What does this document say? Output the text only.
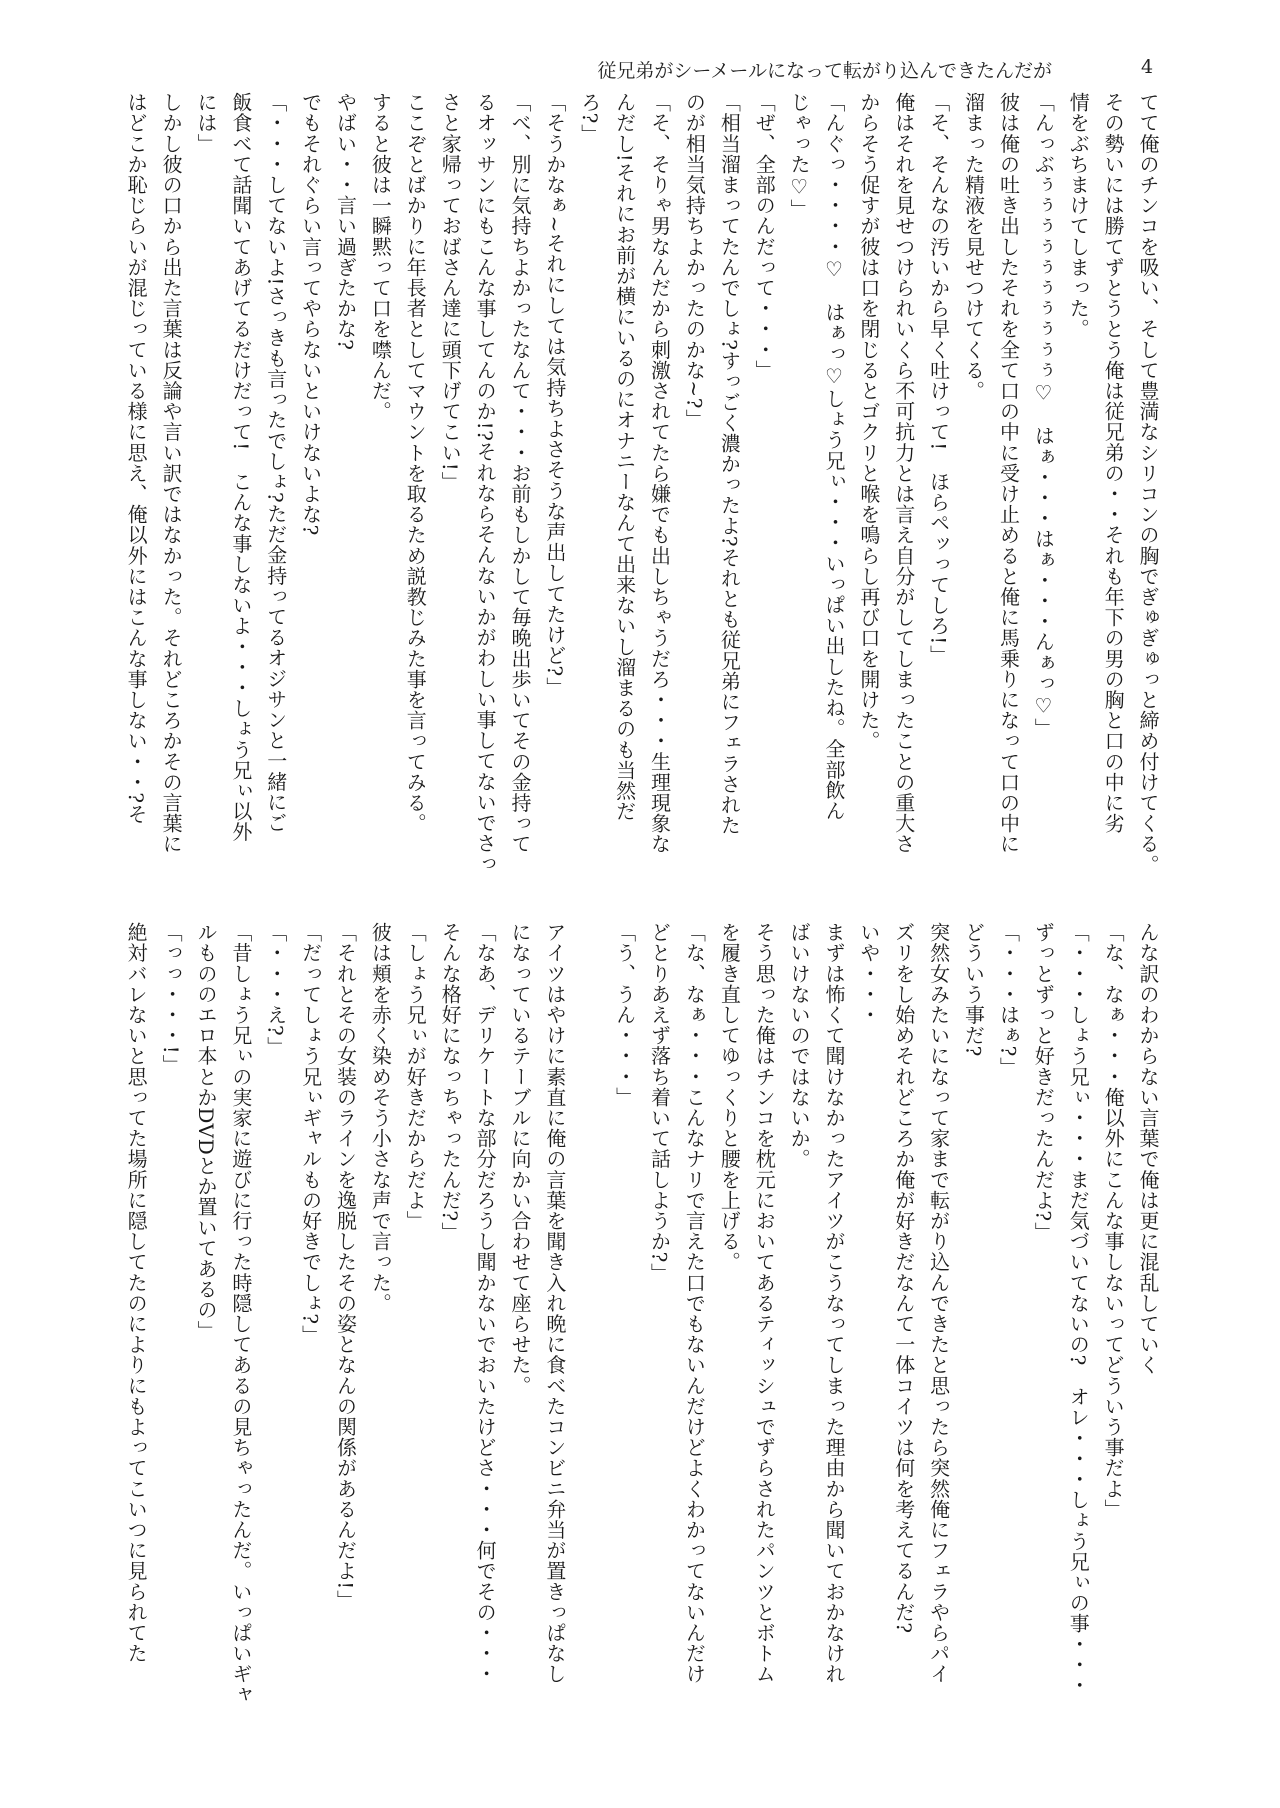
従兄弟がシーメールになって転がり込んできたんだが	4
てて俺のチンコを吸い、そして豊満なシリコンの胸でぎゅぎゅっと締め付けてくる。
その勢いには勝てずとうとう俺は従兄弟の・・それも年下の男の胸と口の中に劣
情をぶちまけてしまった。
「んっぶぅぅぅぅぅぅぅぅぅぅ♡　はぁ・・・はぁ・・・んぁっ♡」
彼は俺の吐き出したそれを全て口の中に受け止めると俺に馬乗りになって口の中に
溜まった精液を見せつけてくる。
「そ、そんなの汚いから早く吐けって!　ほらペッってしろ!」
俺はそれを見せつけられいくら不可抗力とは言え自分がしてしまったことの重大さ
からそう促すが彼は口を閉じるとゴクリと喉を鳴らし再び口を開けた。
「んぐっ・・・・♡　はぁっ♡しょう兄ぃ・・・いっぱい出したね。全部飲ん
じゃった♡」
「ぜ、全部のんだって・・・」
「相当溜まってたんでしょ?すっごく濃かったよ?それとも従兄弟にフェラされた
のが相当気持ちよかったのかな~?」
「そ、そりゃ男なんだから刺激されてたら嫌でも出しちゃうだろ・・・生理現象な
んだし!それにお前が横にいるのにオナニーなんて出来ないし溜まるのも当然だ
ろ?」
「そうかなぁ~それにしては気持ちよさそうな声出してたけど?」
「べ、別に気持ちよかったなんて・・・お前もしかして毎晩出歩いてその金持って
るオッサンにもこんな事してんのか!?それならそんないかがわしい事してないでさっ
さと家帰っておばさん達に頭下げてこい!」
ここぞとばかりに年長者としてマウントを取るため説教じみた事を言ってみる。
すると彼は一瞬黙って口を噤んだ。
やばい・・言い過ぎたかな?
でもそれぐらい言ってやらないといけないよな?
「・・・してないよ!さっきも言ったでしょ?ただ金持ってるオジサンと一緒にご
飯食べて話聞いてあげてるだけだって!　こんな事しないよ・・・しょう兄ぃ以外
には」
しかし彼の口から出た言葉は反論や言い訳ではなかった。それどころかその言葉に
はどこか恥じらいが混じっている様に思え、俺以外にはこんな事しない・・?そ
んな訳のわからない言葉で俺は更に混乱していく
「な、なぁ・・・俺以外にこんな事しないってどういう事だよ」
「・・・しょう兄ぃ・・・まだ気づいてないの?　オレ・・・しょう兄ぃの事・・・
ずっとずっと好きだったんだよ?」
「・・・はぁ?」
どういう事だ?
突然女みたいになって家まで転がり込んできたと思ったら突然俺にフェラやらパイ
ズリをし始めそれどころか俺が好きだなんて一体コイツは何を考えてるんだ?
いや・・・
まずは怖くて聞けなかったアイツがこうなってしまった理由から聞いておかなけれ
ばいけないのではないか。
そう思った俺はチンコを枕元においてあるティッシュでずらされたパンツとボトム
を履き直してゆっくりと腰を上げる。
「な、なぁ・・・こんなナリで言えた口でもないんだけどよくわかってないんだけ
どとりあえず落ち着いて話しようか?」
「う、うん・・・」
アイツはやけに素直に俺の言葉を聞き入れ晩に食べたコンビニ弁当が置きっぱなし
になっているテーブルに向かい合わせて座らせた。
「なあ、デリケートな部分だろうし聞かないでおいたけどさ・・・何でその・・・
そんな格好になっちゃったんだ?」
「しょう兄ぃが好きだからだよ」
彼は頬を赤く染めそう小さな声で言った。
「それとその女装のラインを逸脱したその姿となんの関係があるんだよ!」
「だってしょう兄ぃギャルもの好きでしょ?」
「・・・え?」
「昔しょう兄ぃの実家に遊びに行った時隠してあるの見ちゃったんだ。いっぱいギャ
ルもののエロ本とかDVDとか置いてあるの」
「っっ・・・!」
絶対バレないと思ってた場所に隠してたのによりにもよってこいつに見られてた
